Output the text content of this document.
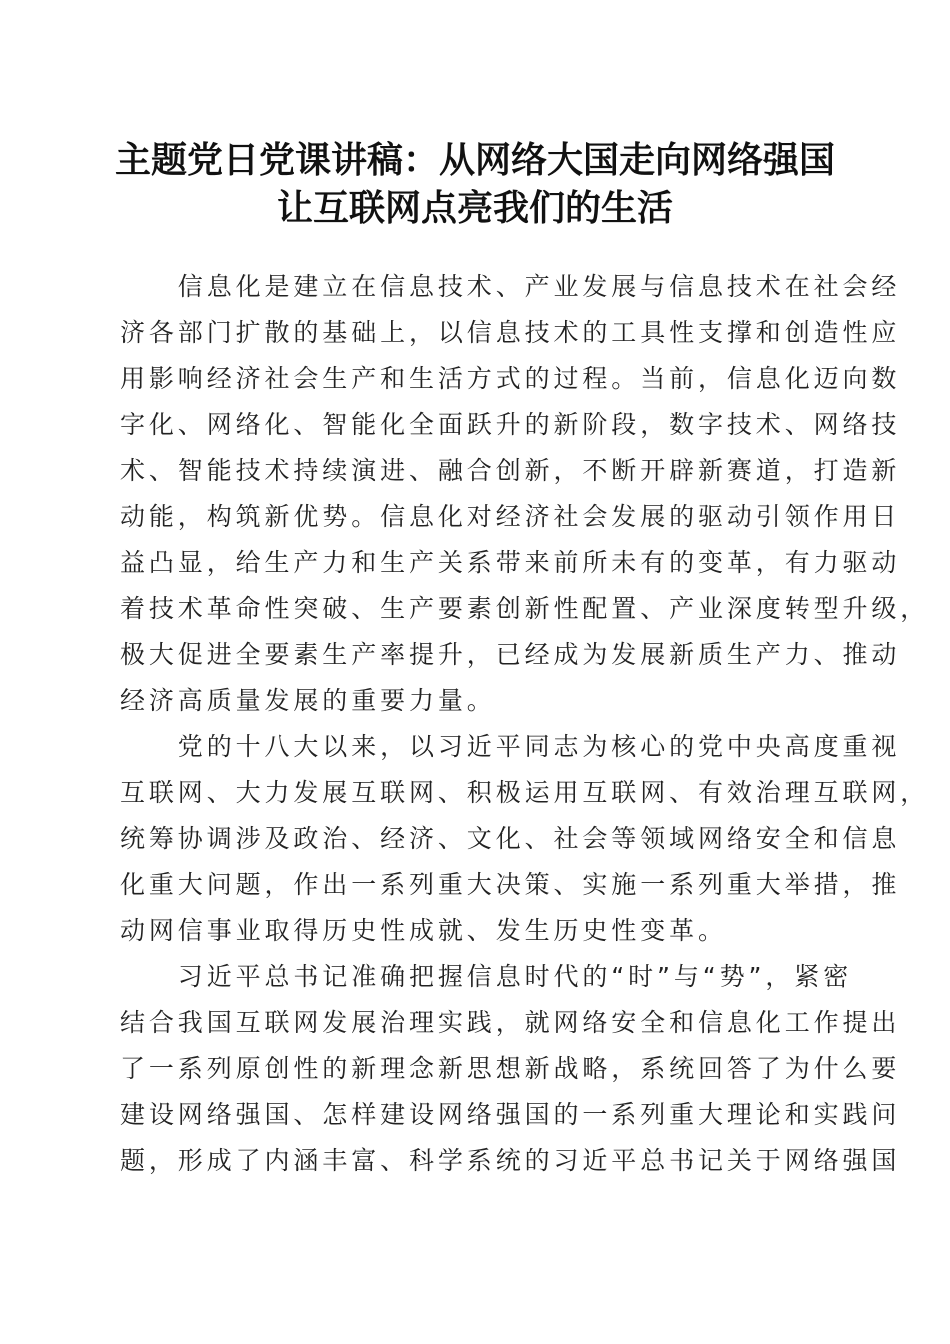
主题党日党课讲稿：从网络大国走向网络强国
让互联网点亮我们的生活
信息化是建立在信息技术、产业发展与信息技术在社会经
济各部门扩散的基础上，以信息技术的工具性支撑和创造性应
用影响经济社会生产和生活方式的过程。当前，信息化迈向数
字化、网络化、智能化全面跃升的新阶段，数字技术、网络技
术、智能技术持续演进、融合创新，不断开辟新赛道，打造新
动能，构筑新优势。信息化对经济社会发展的驱动引领作用日
益凸显，给生产力和生产关系带来前所未有的变革，有力驱动
着技术革命性突破、生产要素创新性配置、产业深度转型升级，
极大促进全要素生产率提升，已经成为发展新质生产力、推动
经济高质量发展的重要力量。
党的十八大以来，以习近平同志为核心的党中央高度重视
互联网、大力发展互联网、积极运用互联网、有效治理互联网，
统筹协调涉及政治、经济、文化、社会等领域网络安全和信息
化重大问题，作出一系列重大决策、实施一系列重大举措，推
动网信事业取得历史性成就、发生历史性变革。
习近平总书记准确把握信息时代的“时”与“势”，紧密
结合我国互联网发展治理实践，就网络安全和信息化工作提出
了一系列原创性的新理念新思想新战略，系统回答了为什么要
建设网络强国、怎样建设网络强国的一系列重大理论和实践问
题，形成了内涵丰富、科学系统的习近平总书记关于网络强国
